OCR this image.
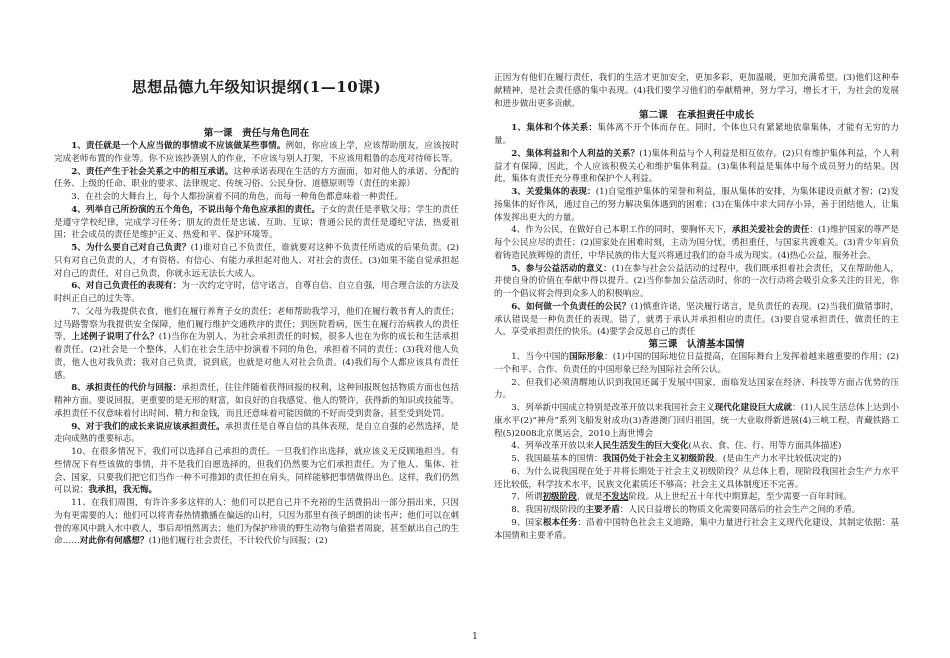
思想品德九年级知识提纲(1—10课)
第一课　责任与角色同在

1、责任就是一个人应当做的事情或不应该做某些事情。例如，你应该上学，应该帮助朋友，应该按时完成老师布置的作业等。你不应该抄袭别人的作业，不应该与别人打架，不应该用粗鲁的态度对待师长等。

2、责任产生于社会关系之中的相互承诺。这种承诺表现在生活的方方面面，如对他人的承诺、分配的任务、上级的任命、职业的要求、法律规定、传统习俗、公民身份、道德原则等（责任的来源）

3、在社会的大舞台上，每个人都扮演着不同的角色，而每一种角色都意味着一种责任。

4、列举自己所扮演的五个角色，不说出每个角色应承担的责任。子女的责任是孝敬父母；学生的责任是遵守学校纪律，完成学习任务；朋友的责任是忠诚、互助、互谅；普通公民的责任是遵纪守法，热爱祖国；社会成员的责任是维护正义、热爱和平、保护环境等。

5、为什么要自己对自己负责？(1)谁对自己不负责任，谁就要对这种不负责任所造成的后果负责。(2)只有对自己负责的人，才有资格、有信心、有能力承担起对他人、对社会的责任。(3)如果不能自觉承担起对自己的责任，对自己负责，你就永远无法长大成人。

6、对自己负责任的表现有：为一次约定守时，信守诺言，自尊自信、自立自强，用合理合法的方法及时纠正自己的过失等。

7、父母为我提供衣食，他们在履行养育子女的责任；老师帮助我学习，他们在履行教书育人的责任；过马路警察为我提供安全保障，他们履行维护交通秩序的责任；到医院看病，医生在履行治病救人的责任等，上述例子说明了什么？(1)当你在为别人、为社会承担责任的时候，很多人也在为你的成长和生活承担着责任。(2)社会是一个整体，人们在社会生活中扮演着不同的角色，承担着不同的责任；(3)我对他人负责，他人也对我负责；我对自己负责，说到底，也就是对他人对社会负责。(4)我们每个人都应该具有责任感。

8、承担责任的代价与回报：承担责任，往往伴随着获得回报的权利，这种回报既包括物质方面也包括精神方面。要说回报，更重要的是无形的财富，如良好的自我感觉、他人的赞许，获得新的知识或技能等。承担责任不仅意味着付出时间、精力和金钱，而且还意味着可能因做的不好而受到责备，甚至受到处罚。

9、对于我们的成长来说应该承担责任。承担责任是自尊自信的具体表现，是自立自强的必然选择，是走向成熟的重要标志。

10、在很多情况下，我们可以选择自己承担的责任。一旦我们作出选择，就应该义无反顾地担当。有些情况下有些该做的事情，并不是我们自愿选择的，但我们仍然要为它们承担责任。为了他人、集体、社会、国家，只要我们把它们当作一种不可推卸的责任担在肩头，同样能够把事情做得出色。这样，我们仍然可以说：我承担，我无悔。

11、在我们周围，有许许多多这样的人：他们可以把自己并不充裕的生活费捐出一部分捐出来，只因为有更需要的人；他们可以将青春热情撒播在偏远的山村，只因为那里有孩子朗朗的读书声；他们可以在刺骨的寒风中跳入水中救人，事后却悄然离去；他们为保护珍贵的野生动物与偷猎者周旋，甚至献出自己的生命……对此你有何感想？(1)他们履行社会责任，不计较代价与回报；(2)

正因为有他们在履行责任，我们的生活才更加安全，更加多彩，更加温暖，更加充满希望。(3)他们这种奉献精神，是社会责任感的集中表现。(4)我们要学习他们的奉献精神，努力学习，增长才干，为社会的发展和进步做出更多贡献。

第二课　在承担责任中成长

1、集体和个体关系：集体离不开个体而存在。同时，个体也只有紧紧地依靠集体，才能有无穷的力量。

2、集体利益和个人利益的关系？(1)集体利益与个人利益是相互依存。(2)只有维护集体利益，个人利益才有保障，因此，个人应该积极关心和维护集体利益。(3)集体利益是集体中每个成员努力的结果。因此，集体有责任充分尊重和保护个人利益。

3、关爱集体的表现：(1)自觉维护集体的荣誉和利益，服从集体的安排，为集体建设贡献才智；(2)发扬集体的好作风，通过自己的努力解决集体遇到的困难；(3)在集体中求大同存小异，善于团结他人，让集体发挥出更大的力量。

4、作为公民，在做好自己本职工作的同时，要胸怀天下，承担关爱社会的责任：(1)维护国家的尊严是每个公民应尽的责任；(2)国家处在困难时刻，主动为国分忧，勇担重任，与国家共渡难关。(3)青少年肩负着铸造民族辉煌的责任，中华民族的伟大复兴将通过我们的奋斗成为现实。(4)热心公益，服务社会。

5、参与公益活动的意义：(1)在参与社会公益活动的过程中，我们既承担着社会责任，又在帮助他人，并使自身的价值在奉献中得以提升。(2)当你参加公益活动时，你的一次行动将会吸引众多关注的目光，你的一个倡议将会得到众多人的积极响应。

6、如何做一个负责任的公民？(1)慎重许诺，坚决履行诺言，是负责任的表现。(2)当我们做错事时，承认错误是一种负责任的表现。错了，就勇于承认并承担相应的责任。(3)要自觉承担责任，做责任的主人，享受承担责任的快乐。(4)要学会反思自己的责任

第三课　认清基本国情

1、当今中国的国际形象：(1)中国的国际地位日益提高，在国际舞台上发挥着越来越重要的作用；(2)一个和平、合作、负责任的中国形象已经为国际社会所公认。

2、但我们必须清醒地认识到我国还属于发展中国家，面临发达国家在经济、科技等方面占优势的压力。

3、列举新中国成立特别是改革开放以来我国社会主义现代化建设巨大成就：(1)人民生活总体上达到小康水平(2)“神舟”系列飞船发射成功(3)香港澳门回归祖国，统一大业取得新进展(4)三峡工程，青藏铁路工程(5)2008北京奥运会，2010上海世博会

4、列举改革开放以来人民生活发生的巨大变化(从衣、食、住、行、用等方面具体描述)

5、我国最基本的国情：我国仍处于社会主义初级阶段。(是由生产力水平比较低决定的)

6、为什么说我国现在处于并将长期处于社会主义初级阶段？从总体上看，现阶段我国社会生产力水平还比较低，科学技术水平，民族文化素质还不够高；社会主义具体制度还不完善。

7、所谓初级阶段，就是不发达阶段。从上世纪五十年代中期算起，至少需要一百年时间。

8、我国初级阶段的主要矛盾：人民日益增长的物质文化需要同落后的社会生产之间的矛盾。

9、国家根本任务：沿着中国特色社会主义道路，集中力量进行社会主义现代化建设，其制定依据：基本国情和主要矛盾。

1
